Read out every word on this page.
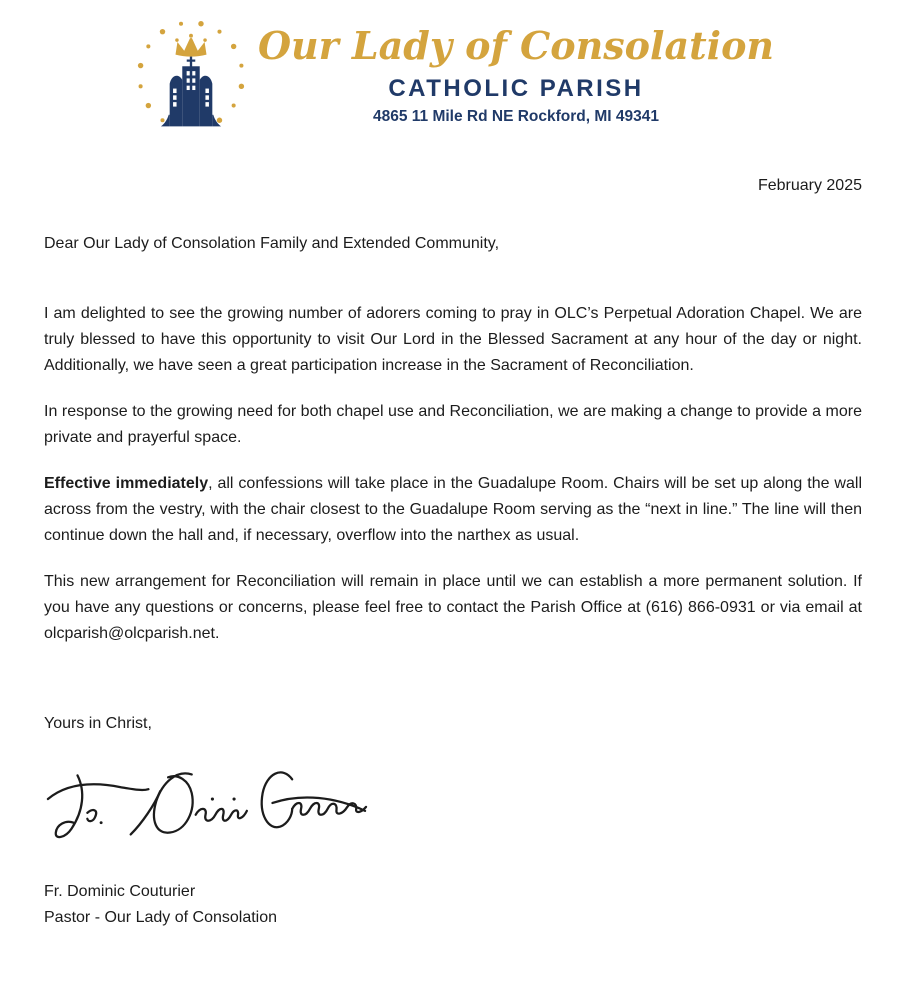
Our Lady of Consolation
CATHOLIC PARISH
4865 11 Mile Rd NE Rockford, MI 49341
February 2025

Dear Our Lady of Consolation Family and Extended Community,

I am delighted to see the growing number of adorers coming to pray in OLC’s Perpetual Adoration Chapel. We are truly blessed to have this opportunity to visit Our Lord in the Blessed Sacrament at any hour of the day or night. Additionally, we have seen a great participation increase in the Sacrament of Reconciliation.

In response to the growing need for both chapel use and Reconciliation, we are making a change to provide a more private and prayerful space.

Effective immediately, all confessions will take place in the Guadalupe Room. Chairs will be set up along the wall across from the vestry, with the chair closest to the Guadalupe Room serving as the “next in line.” The line will then continue down the hall and, if necessary, overflow into the narthex as usual.

This new arrangement for Reconciliation will remain in place until we can establish a more permanent solution. If you have any questions or concerns, please feel free to contact the Parish Office at (616) 866-0931 or via email at olcparish@olcparish.net.

Yours in Christ,

Fr. Dominic Couturier
Pastor - Our Lady of Consolation
